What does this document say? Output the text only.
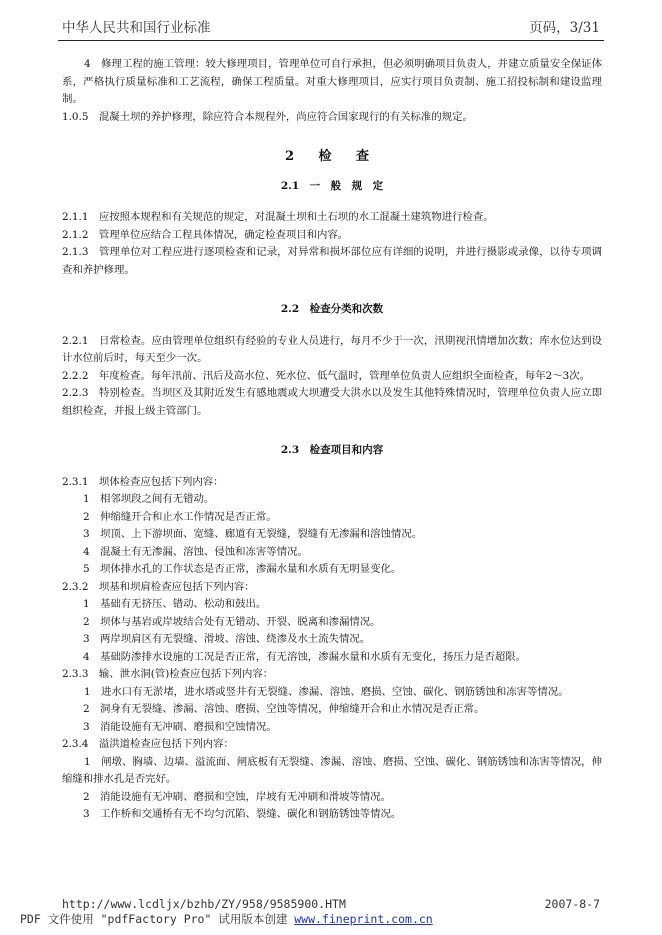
中华人民共和国行业标准	页码，3/31

4　修理工程的施工管理：较大修理项目，管理单位可自行承担，但必须明确项目负责人，并建立质量安全保证体系，严格执行质量标准和工艺流程，确保工程质量。对重大修理项目，应实行项目负责制、施工招投标制和建设监理制。

1.0.5　混凝土坝的养护修理，除应符合本规程外，尚应符合国家现行的有关标准的规定。

2 检 查
2.1　一　般　规　定

2.1.1　应按照本规程和有关规范的规定，对混凝土坝和土石坝的水工混凝土建筑物进行检查。

2.1.2　管理单位应结合工程具体情况，确定检查项目和内容。

2.1.3　管理单位对工程应进行逐项检查和记录，对异常和损坏部位应有详细的说明，并进行摄影或录像，以待专项调查和养护修理。

2.2　检查分类和次数

2.2.1　日常检查。应由管理单位组织有经验的专业人员进行，每月不少于一次，汛期视汛情增加次数；库水位达到设计水位前后时，每天至少一次。

2.2.2　年度检查。每年汛前、汛后及高水位、死水位、低气温时，管理单位负责人应组织全面检查，每年2～3次。

2.2.3　特别检查。当坝区及其附近发生有感地震或大坝遭受大洪水以及发生其他特殊情况时，管理单位负责人应立即组织检查，并报上级主管部门。

2.3　检查项目和内容

2.3.1　坝体检查应包括下列内容：

1　相邻坝段之间有无错动。

2　伸缩缝开合和止水工作情况是否正常。

3　坝顶、上下游坝面、宽缝、廊道有无裂缝，裂缝有无渗漏和溶蚀情况。

4　混凝土有无渗漏、溶蚀、侵蚀和冻害等情况。

5　坝体排水孔的工作状态是否正常，渗漏水量和水质有无明显变化。

2.3.2　坝基和坝肩检查应包括下列内容：

1　基础有无挤压、错动、松动和鼓出。

2　坝体与基岩或岸坡结合处有无错动、开裂、脱离和渗漏情况。

3　两岸坝肩区有无裂缝、滑坡、溶蚀、绕渗及水土流失情况。

4　基础防渗排水设施的工况是否正常，有无溶蚀，渗漏水量和水质有无变化，扬压力是否超限。

2.3.3　输、泄水洞(管)检查应包括下列内容：

1　进水口有无淤堵，进水塔或竖井有无裂缝、渗漏、溶蚀、磨损、空蚀、碳化、钢筋锈蚀和冻害等情况。

2　洞身有无裂缝、渗漏、溶蚀、磨损、空蚀等情况，伸缩缝开合和止水情况是否正常。

3　消能设施有无冲刷、磨损和空蚀情况。

2.3.4　溢洪道检查应包括下列内容：

1　闸墩、胸墙、边墙、溢流面、闸底板有无裂缝、渗漏、溶蚀、磨损、空蚀、碳化、钢筋锈蚀和冻害等情况，伸缩缝和排水孔是否完好。

2　消能设施有无冲刷、磨损和空蚀，岸坡有无冲刷和滑坡等情况。

3　工作桥和交通桥有无不均匀沉陷、裂缝、碳化和钢筋锈蚀等情况。

http://www.lcdljx/bzhb/ZY/958/9585900.HTM	2007-8-7
PDF 文件使用 "pdfFactory Pro" 试用版本创建 www.fineprint.com.cn
